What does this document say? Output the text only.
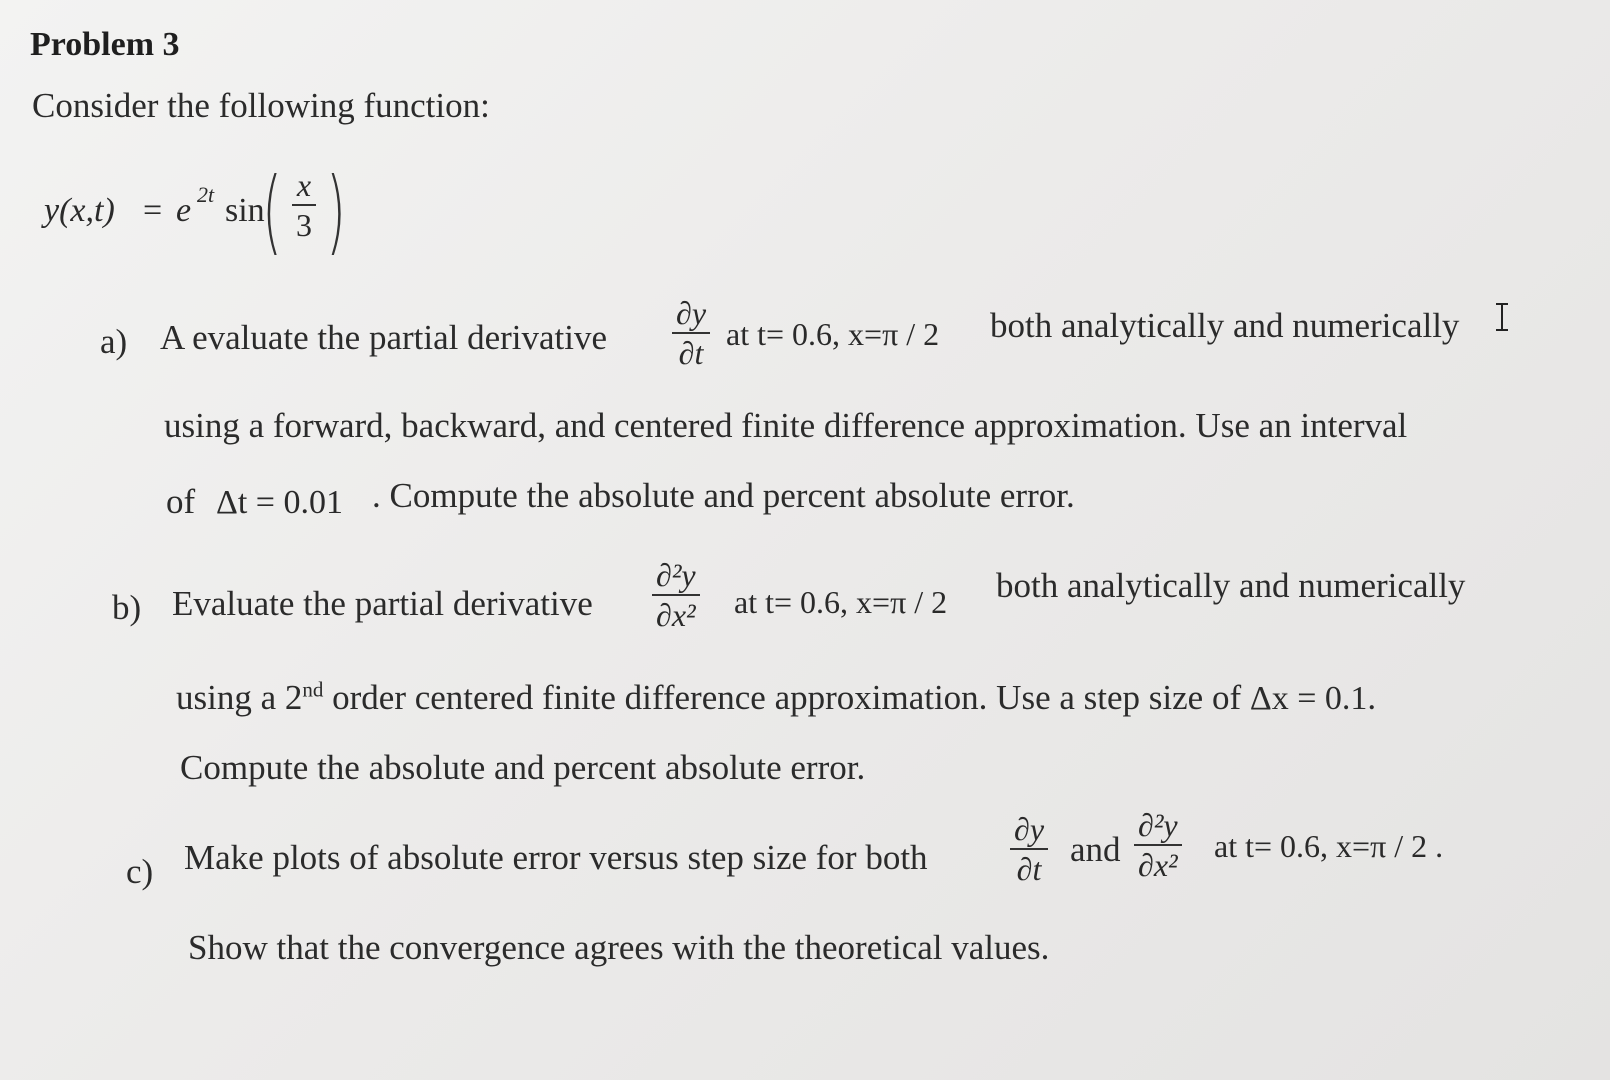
Problem 3
Consider the following function:
y(x,t) = e 2t sin
( x
3 )
a) A evaluate the partial derivative
∂y
∂t
at t= 0.6, x=π / 2 both analytically and numerically
using a forward, backward, and centered finite difference approximation. Use an interval
of Δt = 0.01 . Compute the absolute and percent absolute error.
b) Evaluate the partial derivative
∂²y
∂x² at t= 0.6, x=π / 2 both analytically and numerically
using a 2nd order centered finite difference approximation. Use a step size of Δx = 0.1.
Compute the absolute and percent absolute error.
c) Make plots of absolute error versus step size for both
∂y
∂t and
∂²y
∂x²
at t= 0.6, x=π / 2 .
Show that the convergence agrees with the theoretical values.
